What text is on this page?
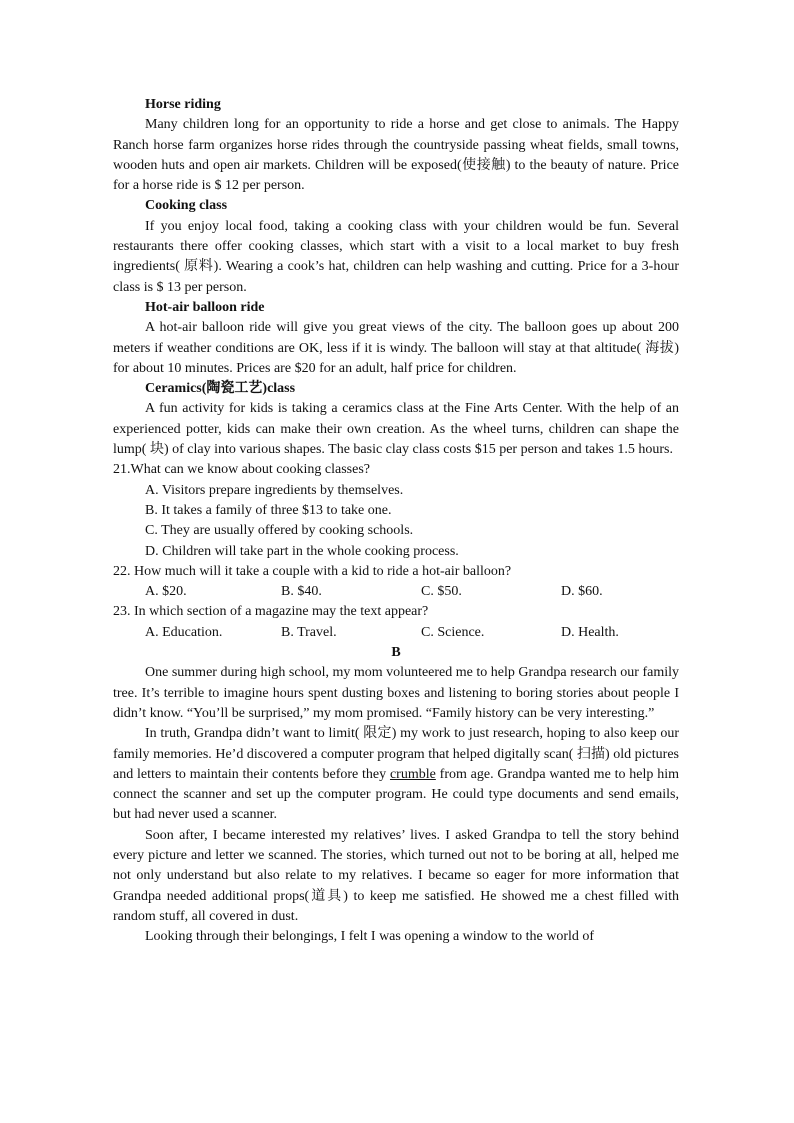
Horse riding

Many children long for an opportunity to ride a horse and get close to animals. The Happy Ranch horse farm organizes horse rides through the countryside passing wheat fields, small towns, wooden huts and open air markets. Children will be exposed(使接触) to the beauty of nature. Price for a horse ride is $ 12 per person.

Cooking class

If you enjoy local food, taking a cooking class with your children would be fun. Several restaurants there offer cooking classes, which start with a visit to a local market to buy fresh ingredients( 原料). Wearing a cook’s hat, children can help washing and cutting. Price for a 3-hour class is $ 13 per person.

Hot-air balloon ride

A hot-air balloon ride will give you great views of the city. The balloon goes up about 200 meters if weather conditions are OK, less if it is windy. The balloon will stay at that altitude( 海拔) for about 10 minutes. Prices are $20 for an adult, half price for children.

Ceramics(陶瓷工艺)class

A fun activity for kids is taking a ceramics class at the Fine Arts Center. With the help of an experienced potter, kids can make their own creation. As the wheel turns, children can shape the lump( 块) of clay into various shapes. The basic clay class costs $15 per person and takes 1.5 hours.

21.What can we know about cooking classes?

A. Visitors prepare ingredients by themselves.

B. It takes a family of three $13 to take one.

C. They are usually offered by cooking schools.

D. Children will take part in the whole cooking process.

22. How much will it take a couple with a kid to ride a hot-air balloon?

A. $20.	B. $40.	C. $50.	D. $60.

23. In which section of a magazine may the text appear?

A. Education.	B. Travel.	C. Science.	D. Health.

B

One summer during high school, my mom volunteered me to help Grandpa research our family tree. It’s terrible to imagine hours spent dusting boxes and listening to boring stories about people I didn’t know. “You’ll be surprised,” my mom promised. “Family history can be very interesting.”

In truth, Grandpa didn’t want to limit( 限定) my work to just research, hoping to also keep our family memories. He’d discovered a computer program that helped digitally scan( 扫描) old pictures and letters to maintain their contents before they crumble from age. Grandpa wanted me to help him connect the scanner and set up the computer program. He could type documents and send emails, but had never used a scanner.

Soon after, I became interested my relatives’ lives. I asked Grandpa to tell the story behind every picture and letter we scanned. The stories, which turned out not to be boring at all, helped me not only understand but also relate to my relatives. I became so eager for more information that Grandpa needed additional props(道具) to keep me satisfied. He showed me a chest filled with random stuff, all covered in dust.

Looking through their belongings, I felt I was opening a window to the world of
